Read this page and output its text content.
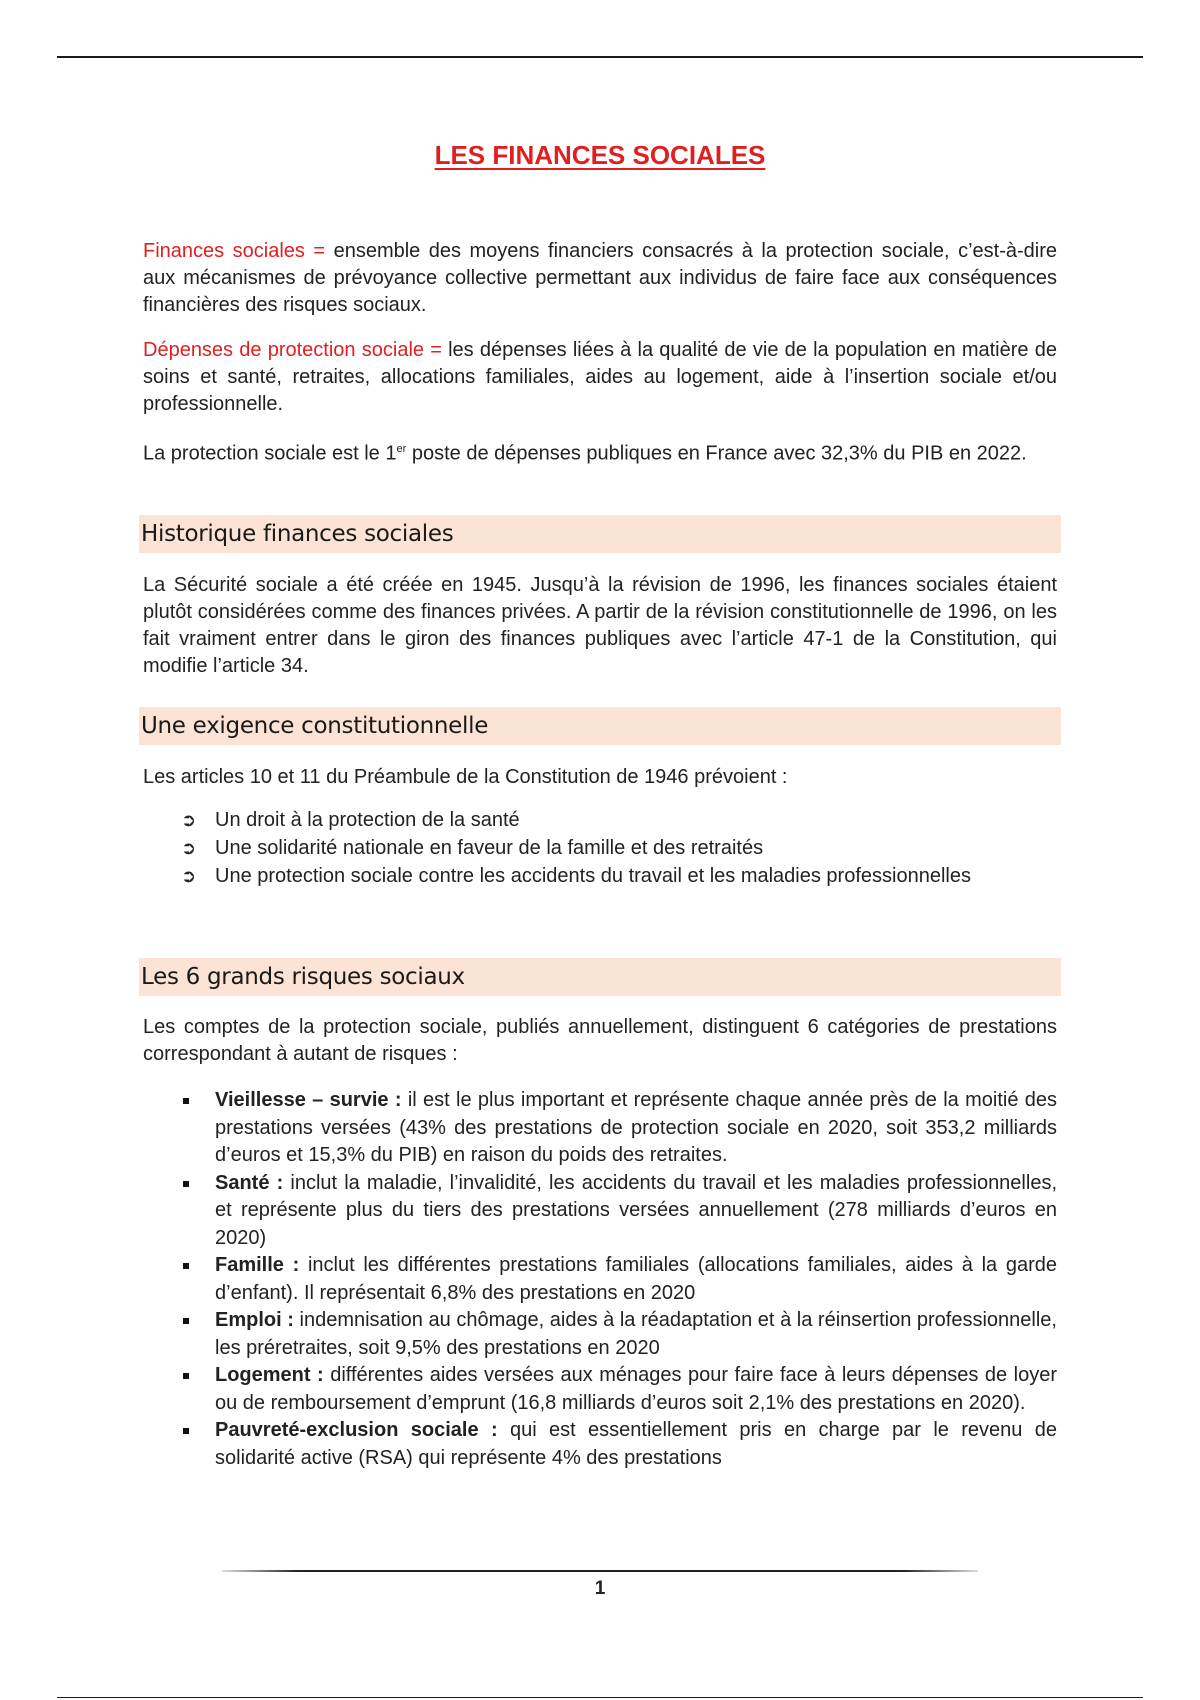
LES FINANCES SOCIALES

Finances sociales = ensemble des moyens financiers consacrés à la protection sociale, c’est-à-dire aux mécanismes de prévoyance collective permettant aux individus de faire face aux conséquences financières des risques sociaux.

Dépenses de protection sociale = les dépenses liées à la qualité de vie de la population en matière de soins et santé, retraites, allocations familiales, aides au logement, aide à l’insertion sociale et/ou professionnelle.

La protection sociale est le 1er poste de dépenses publiques en France avec 32,3% du PIB en 2022.

Historique finances sociales

La Sécurité sociale a été créée en 1945. Jusqu’à la révision de 1996, les finances sociales étaient plutôt considérées comme des finances privées. A partir de la révision constitutionnelle de 1996, on les fait vraiment entrer dans le giron des finances publiques avec l’article 47-1 de la Constitution, qui modifie l’article 34.

Une exigence constitutionnelle

Les articles 10 et 11 du Préambule de la Constitution de 1946 prévoient :

➲ Un droit à la protection de la santé
➲ Une solidarité nationale en faveur de la famille et des retraités
➲ Une protection sociale contre les accidents du travail et les maladies professionnelles
Les 6 grands risques sociaux

Les comptes de la protection sociale, publiés annuellement, distinguent 6 catégories de prestations correspondant à autant de risques :

Vieillesse – survie : il est le plus important et représente chaque année près de la moitié des prestations versées (43% des prestations de protection sociale en 2020, soit 353,2 milliards d’euros et 15,3% du PIB) en raison du poids des retraites.
Santé : inclut la maladie, l’invalidité, les accidents du travail et les maladies professionnelles, et représente plus du tiers des prestations versées annuellement (278 milliards d’euros en 2020)
Famille : inclut les différentes prestations familiales (allocations familiales, aides à la garde d’enfant). Il représentait 6,8% des prestations en 2020
Emploi : indemnisation au chômage, aides à la réadaptation et à la réinsertion professionnelle, les préretraites, soit 9,5% des prestations en 2020
Logement : différentes aides versées aux ménages pour faire face à leurs dépenses de loyer ou de remboursement d’emprunt (16,8 milliards d’euros soit 2,1% des prestations en 2020).
Pauvreté-exclusion sociale : qui est essentiellement pris en charge par le revenu de solidarité active (RSA) qui représente 4% des prestations
1
